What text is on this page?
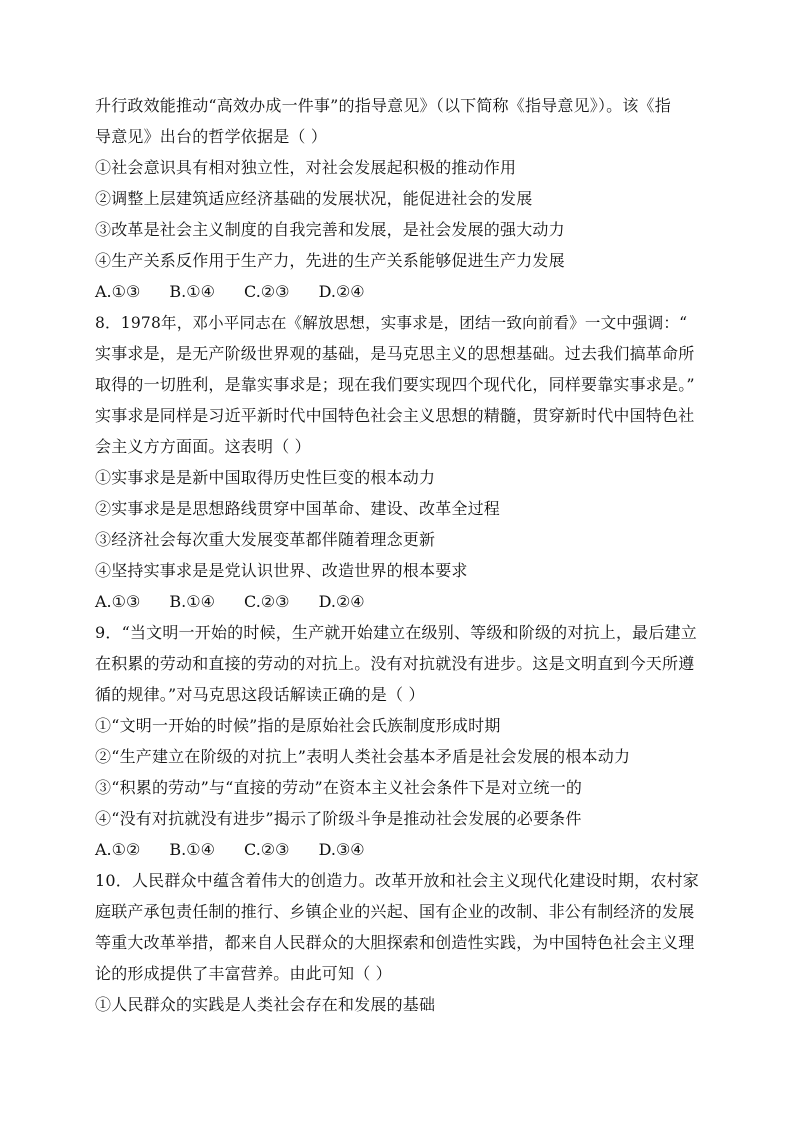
升行政效能推动“高效办成一件事”的指导意见》（以下简称《指导意见》）。该《指
导意见》出台的哲学依据是（ ）
①社会意识具有相对独立性，对社会发展起积极的推动作用
②调整上层建筑适应经济基础的发展状况，能促进社会的发展
③改革是社会主义制度的自我完善和发展，是社会发展的强大动力
④生产关系反作用于生产力，先进的生产关系能够促进生产力发展
A.①③ B.①④ C.②③ D.②④
8．1978年，邓小平同志在《解放思想，实事求是，团结一致向前看》一文中强调：“
实事求是，是无产阶级世界观的基础，是马克思主义的思想基础。过去我们搞革命所
取得的一切胜利，是靠实事求是；现在我们要实现四个现代化，同样要靠实事求是。”
实事求是同样是习近平新时代中国特色社会主义思想的精髓，贯穿新时代中国特色社
会主义方方面面。这表明（ ）
①实事求是是新中国取得历史性巨变的根本动力
②实事求是是思想路线贯穿中国革命、建设、改革全过程
③经济社会每次重大发展变革都伴随着理念更新
④坚持实事求是是党认识世界、改造世界的根本要求
A.①③ B.①④ C.②③ D.②④
9．“当文明一开始的时候，生产就开始建立在级别、等级和阶级的对抗上，最后建立
在积累的劳动和直接的劳动的对抗上。没有对抗就没有进步。这是文明直到今天所遵
循的规律。”对马克思这段话解读正确的是（ ）
①“文明一开始的时候”指的是原始社会氏族制度形成时期
②“生产建立在阶级的对抗上”表明人类社会基本矛盾是社会发展的根本动力
③“积累的劳动”与“直接的劳动”在资本主义社会条件下是对立统一的
④“没有对抗就没有进步”揭示了阶级斗争是推动社会发展的必要条件
A.①② B.①④ C.②③ D.③④
10．人民群众中蕴含着伟大的创造力。改革开放和社会主义现代化建设时期，农村家
庭联产承包责任制的推行、乡镇企业的兴起、国有企业的改制、非公有制经济的发展
等重大改革举措，都来自人民群众的大胆探索和创造性实践，为中国特色社会主义理
论的形成提供了丰富营养。由此可知（ ）
①人民群众的实践是人类社会存在和发展的基础
